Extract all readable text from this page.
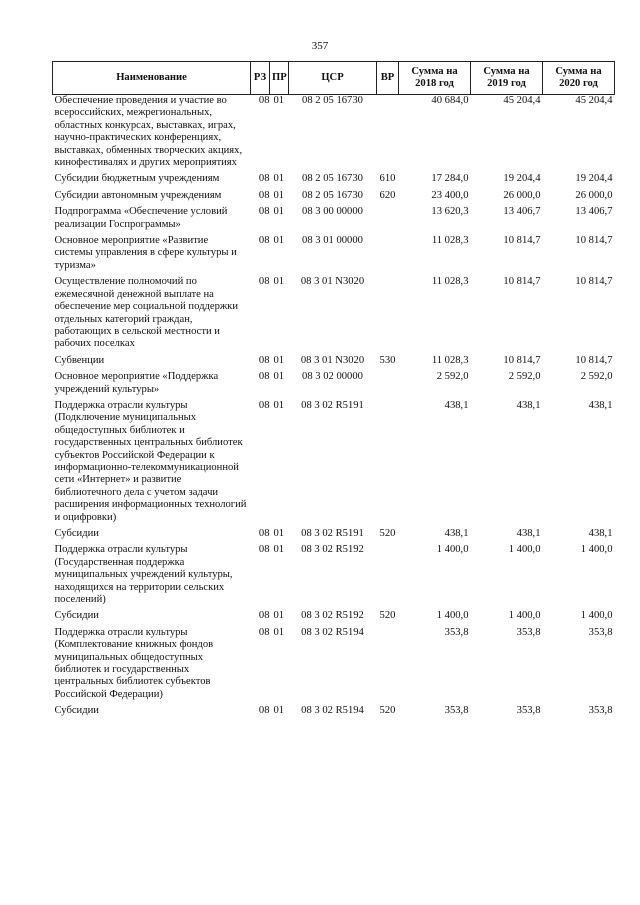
357
Наименование	РЗ	ПР	ЦСР	ВР	Сумма на 2018 год	Сумма на 2019 год	Сумма на 2020 год
Обеспечение проведения и участие во всероссийских, межрегиональных, областных конкурсах, выставках, играх, научно-практических конференциях, выставках, обменных творческих акциях, кинофестивалях и других мероприятиях	08	01	08 2 05 16730		40 684,0	45 204,4	45 204,4
Субсидии бюджетным учреждениям	08	01	08 2 05 16730	610	17 284,0	19 204,4	19 204,4
Субсидии автономным учреждениям	08	01	08 2 05 16730	620	23 400,0	26 000,0	26 000,0
Подпрограмма «Обеспечение условий реализации Госпрограммы»	08	01	08 3 00 00000		13 620,3	13 406,7	13 406,7
Основное мероприятие «Развитие системы управления в сфере культуры и туризма»	08	01	08 3 01 00000		11 028,3	10 814,7	10 814,7
Осуществление полномочий по ежемесячной денежной выплате на обеспечение мер социальной поддержки отдельных категорий граждан, работающих в сельской местности и рабочих поселках	08	01	08 3 01 N3020		11 028,3	10 814,7	10 814,7
Субвенции	08	01	08 3 01 N3020	530	11 028,3	10 814,7	10 814,7
Основное мероприятие «Поддержка учреждений культуры»	08	01	08 3 02 00000		2 592,0	2 592,0	2 592,0
Поддержка отрасли культуры (Подключение муниципальных общедоступных библиотек и государственных центральных библиотек субъектов Российской Федерации к информационно-телекоммуникационной сети «Интернет» и развитие библиотечного дела с учетом задачи расширения информационных технологий и оцифровки)	08	01	08 3 02 R5191		438,1	438,1	438,1
Субсидии	08	01	08 3 02 R5191	520	438,1	438,1	438,1
Поддержка отрасли культуры (Государственная поддержка муниципальных учреждений культуры, находящихся на территории сельских поселений)	08	01	08 3 02 R5192		1 400,0	1 400,0	1 400,0
Субсидии	08	01	08 3 02 R5192	520	1 400,0	1 400,0	1 400,0
Поддержка отрасли культуры (Комплектование книжных фондов муниципальных общедоступных библиотек и государственных центральных библиотек субъектов Российской Федерации)	08	01	08 3 02 R5194		353,8	353,8	353,8
Субсидии	08	01	08 3 02 R5194	520	353,8	353,8	353,8
